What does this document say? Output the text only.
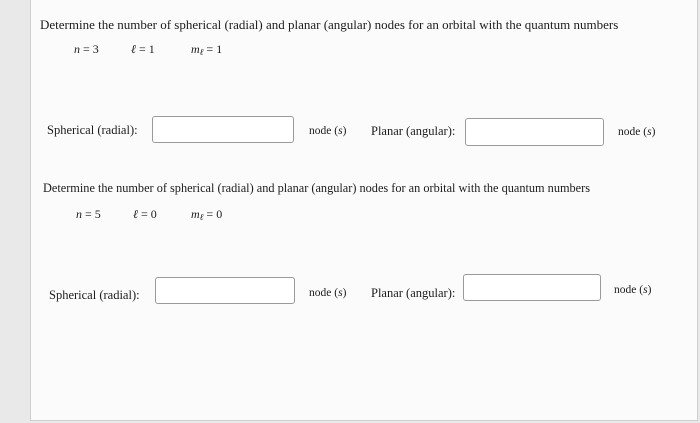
Determine the number of spherical (radial) and planar (angular) nodes for an orbital with the quantum numbers
n = 3	ℓ = 1	$m_\ell = 1$
Spherical (radial):	node (s) Planar (angular):	node (s)
Determine the number of spherical (radial) and planar (angular) nodes for an orbital with the quantum numbers
n = 5	ℓ = 0	$m_\ell = 0$
Spherical (radial):	node (s) Planar (angular):	node (s)
